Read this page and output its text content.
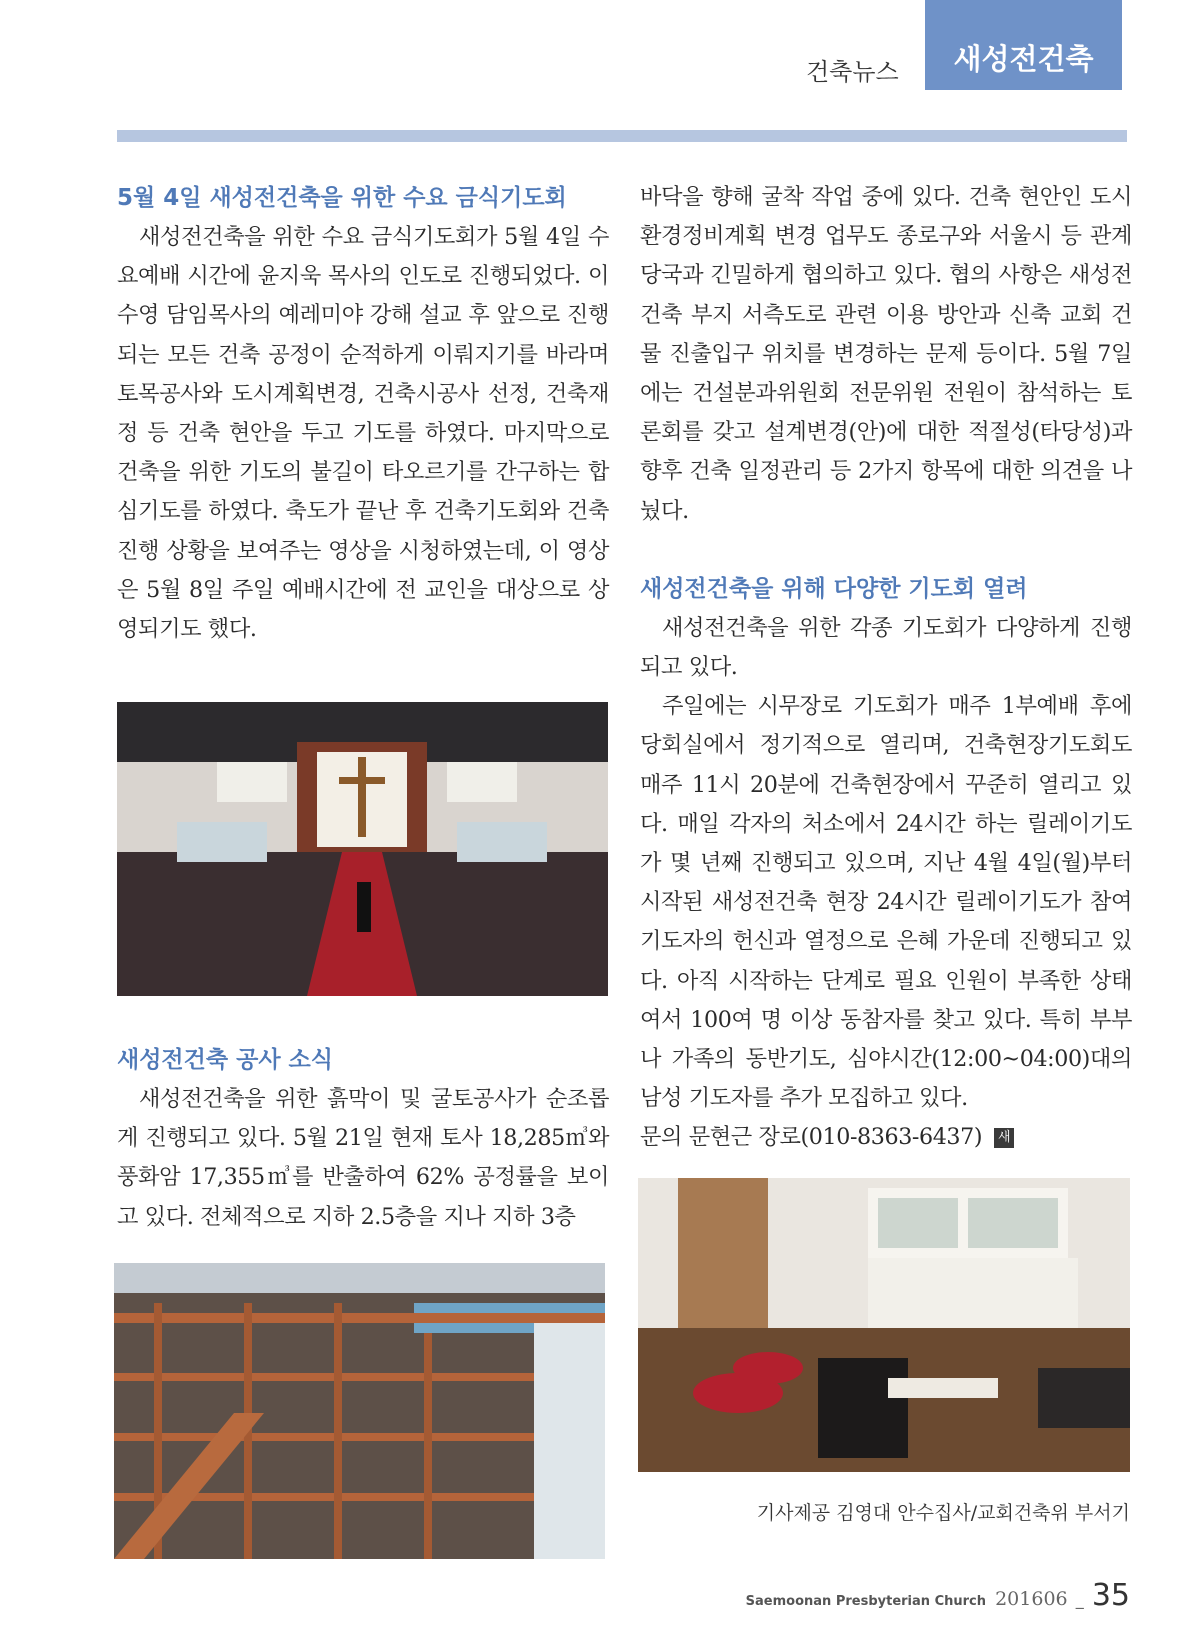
건축뉴스 새성전건축
5월 4일 새성전건축을 위한 수요 금식기도회

새성전건축을 위한 수요 금식기도회가 5월 4일 수요예배 시간에 윤지욱 목사의 인도로 진행되었다. 이수영 담임목사의 예레미야 강해 설교 후 앞으로 진행되는 모든 건축 공정이 순적하게 이뤄지기를 바라며 토목공사와 도시계획변경, 건축시공사 선정, 건축재정 등 건축 현안을 두고 기도를 하였다. 마지막으로 건축을 위한 기도의 불길이 타오르기를 간구하는 합심기도를 하였다. 축도가 끝난 후 건축기도회와 건축 진행 상황을 보여주는 영상을 시청하였는데, 이 영상은 5월 8일 주일 예배시간에 전 교인을 대상으로 상영되기도 했다.

새성전건축 공사 소식

새성전건축을 위한 흙막이 및 굴토공사가 순조롭게 진행되고 있다. 5월 21일 현재 토사 18,285㎥와 풍화암 17,355㎥를 반출하여 62% 공정률을 보이고 있다. 전체적으로 지하 2.5층을 지나 지하 3층

바닥을 향해 굴착 작업 중에 있다. 건축 현안인 도시환경정비계획 변경 업무도 종로구와 서울시 등 관계 당국과 긴밀하게 협의하고 있다. 협의 사항은 새성전 건축 부지 서측도로 관련 이용 방안과 신축 교회 건물 진출입구 위치를 변경하는 문제 등이다. 5월 7일에는 건설분과위원회 전문위원 전원이 참석하는 토론회를 갖고 설계변경(안)에 대한 적절성(타당성)과 향후 건축 일정관리 등 2가지 항목에 대한 의견을 나눴다.

새성전건축을 위해 다양한 기도회 열려

새성전건축을 위한 각종 기도회가 다양하게 진행되고 있다.

주일에는 시무장로 기도회가 매주 1부예배 후에 당회실에서 정기적으로 열리며, 건축현장기도회도 매주 11시 20분에 건축현장에서 꾸준히 열리고 있다. 매일 각자의 처소에서 24시간 하는 릴레이기도가 몇 년째 진행되고 있으며, 지난 4월 4일(월)부터 시작된 새성전건축 현장 24시간 릴레이기도가 참여기도자의 헌신과 열정으로 은혜 가운데 진행되고 있다. 아직 시작하는 단계로 필요 인원이 부족한 상태여서 100여 명 이상 동참자를 찾고 있다. 특히 부부나 가족의 동반기도, 심야시간(12:00~04:00)대의 남성 기도자를 추가 모집하고 있다.

문의 문현근 장로(010-8363-6437) 새

기사제공 김영대 안수집사/교회건축위 부서기
Saemoonan Presbyterian Church 201606 _ 35
